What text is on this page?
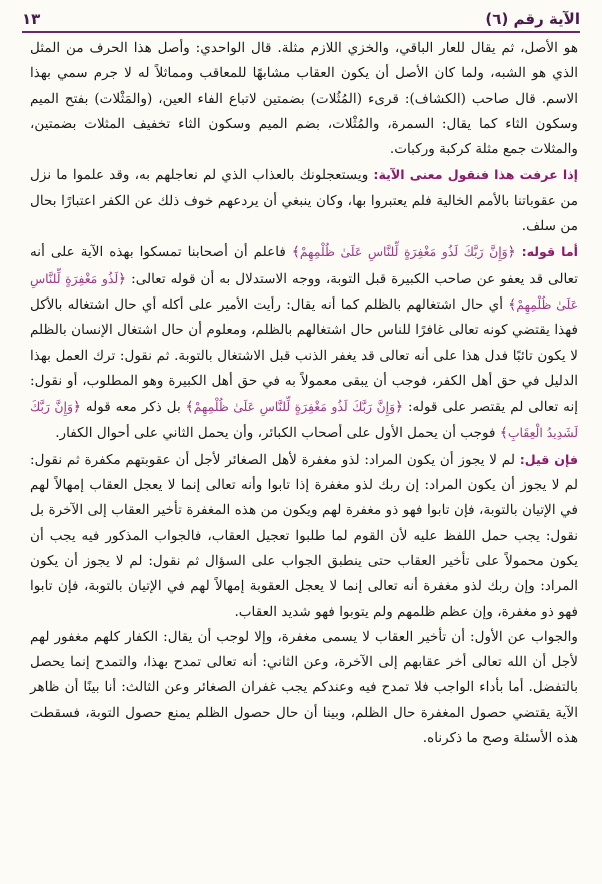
الآية رقم (٦)
١٣

هو الأصل، ثم يقال للعار الباقي، والخزي اللازم مثلة. قال الواحدي: وأصل هذا الحرف من المثل الذي هو الشبه، ولما كان الأصل أن يكون العقاب مشابهًا للمعاقب ومماثلاً له لا جرم سمي بهذا الاسم. قال صاحب (الكشاف): قرىء (المُثُلات) بضمتين لاتباع الفاء العين، (والمَثْلات) بفتح الميم وسكون الثاء كما يقال: السمرة، والمُثْلات، بضم الميم وسكون الثاء تخفيف المثلات بضمتين، والمثلات جمع مثلة كركبة وركبات.

إذا عرفت هذا فنقول معنى الآية: ويستعجلونك بالعذاب الذي لم نعاجلهم به، وقد علموا ما نزل من عقوباتنا بالأمم الخالية فلم يعتبروا بها، وكان ينبغي أن يردعهم خوف ذلك عن الكفر اعتبارًا بحال من سلف.

أما قوله: ﴿وَإِنَّ رَبَّكَ لَذُو مَغْفِرَةٍ لِّلنَّاسِ عَلَىٰ ظُلْمِهِمْ﴾ فاعلم أن أصحابنا تمسكوا بهذه الآية على أنه تعالى قد يعفو عن صاحب الكبيرة قبل التوبة، ووجه الاستدلال به أن قوله تعالى: ﴿لَذُو مَغْفِرَةٍ لِّلنَّاسِ عَلَىٰ ظُلْمِهِمْ﴾ أي حال اشتغالهم بالظلم كما أنه يقال: رأيت الأمير على أكله أي حال اشتغاله بالأكل فهذا يقتضي كونه تعالى غافرًا للناس حال اشتغالهم بالظلم، ومعلوم أن حال اشتغال الإنسان بالظلم لا يكون تائبًا فدل هذا على أنه تعالى قد يغفر الذنب قبل الاشتغال بالتوبة. ثم نقول: ترك العمل بهذا الدليل في حق أهل الكفر، فوجب أن يبقى معمولاً به في حق أهل الكبيرة وهو المطلوب، أو نقول: إنه تعالى لم يقتصر على قوله: ﴿وَإِنَّ رَبَّكَ لَذُو مَغْفِرَةٍ لِّلنَّاسِ عَلَىٰ ظُلْمِهِمْ﴾ بل ذكر معه قوله ﴿وَإِنَّ رَبَّكَ لَشَدِيدُ الْعِقَابِ﴾ فوجب أن يحمل الأول على أصحاب الكبائر، وأن يحمل الثاني على أحوال الكفار.

فإن قيل: لم لا يجوز أن يكون المراد: لذو مغفرة لأهل الصغائر لأجل أن عقوبتهم مكفرة ثم نقول: لم لا يجوز أن يكون المراد: إن ربك لذو مغفرة إذا تابوا وأنه تعالى إنما لا يعجل العقاب إمهالاً لهم في الإتيان بالتوبة، فإن تابوا فهو ذو مغفرة لهم ويكون من هذه المغفرة تأخير العقاب إلى الآخرة بل نقول: يجب حمل اللفظ عليه لأن القوم لما طلبوا تعجيل العقاب، فالجواب المذكور فيه يجب أن يكون محمولاً على تأخير العقاب حتى ينطبق الجواب على السؤال ثم نقول: لم لا يجوز أن يكون المراد: وإن ربك لذو مغفرة أنه تعالى إنما لا يعجل العقوبة إمهالاً لهم في الإتيان بالتوبة، فإن تابوا فهو ذو مغفرة، وإن عظم ظلمهم ولم يتوبوا فهو شديد العقاب.

والجواب عن الأول: أن تأخير العقاب لا يسمى مغفرة، وإلا لوجب أن يقال: الكفار كلهم مغفور لهم لأجل أن الله تعالى أخر عقابهم إلى الآخرة، وعن الثاني: أنه تعالى تمدح بهذا، والتمدح إنما يحصل بالتفضل. أما بأداء الواجب فلا تمدح فيه وعندكم يجب غفران الصغائر وعن الثالث: أنا بينًا أن ظاهر الآية يقتضي حصول المغفرة حال الظلم، وبينا أن حال حصول الظلم يمنع حصول التوبة، فسقطت هذه الأسئلة وصح ما ذكرناه.
